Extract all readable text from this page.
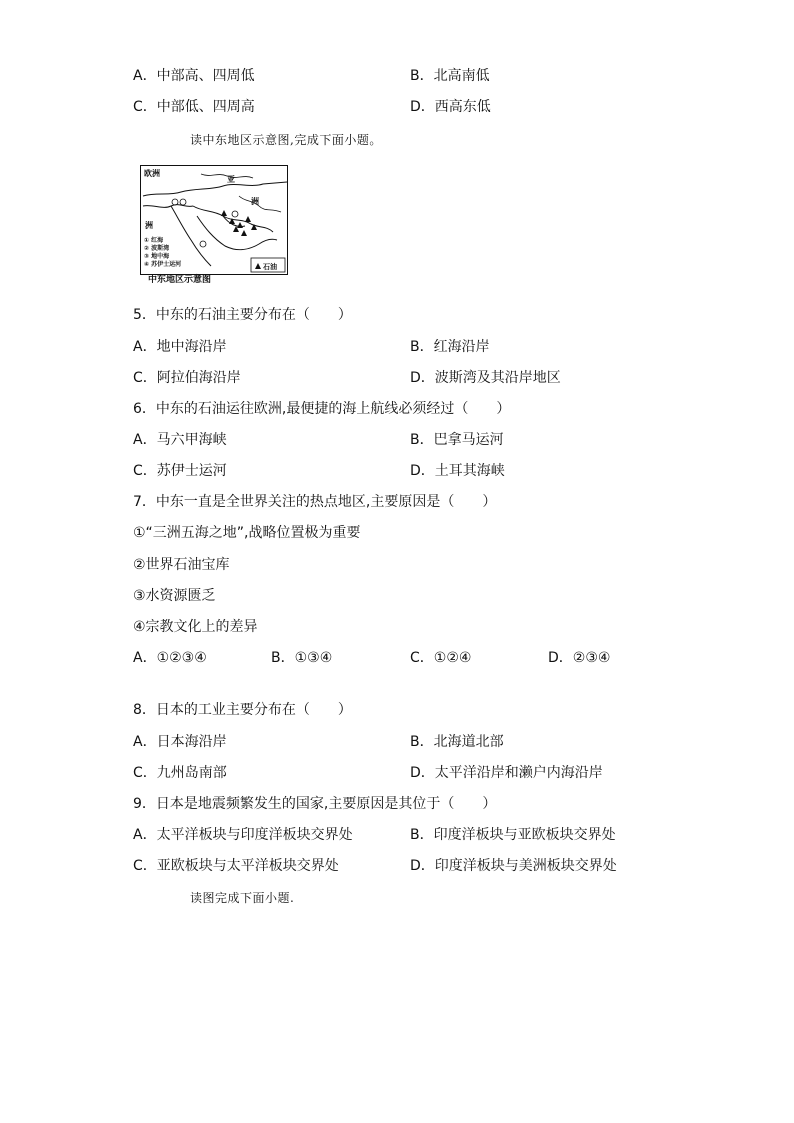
A．中部高、四周低	B．北高南低
C．中部低、四周高	D．西高东低
读中东地区示意图,完成下面小题。
石油
欧洲
亚
洲
洲
① 红海
② 波斯湾
③ 地中海
④ 苏伊士运河
中东地区示意图
5．中东的石油主要分布在（　　）
A．地中海沿岸	B．红海沿岸
C．阿拉伯海沿岸	D．波斯湾及其沿岸地区
6．中东的石油运往欧洲,最便捷的海上航线必须经过（　　）
A．马六甲海峡	B．巴拿马运河
C．苏伊士运河	D．土耳其海峡
7．中东一直是全世界关注的热点地区,主要原因是（　　）
①“三洲五海之地”,战略位置极为重要
②世界石油宝库
③水资源匮乏
④宗教文化上的差异
A．①②③④	B．①③④	C．①②④	D．②③④
8．日本的工业主要分布在（　　）
A．日本海沿岸	B．北海道北部
C．九州岛南部	D．太平洋沿岸和濑户内海沿岸
9．日本是地震频繁发生的国家,主要原因是其位于（　　）
A．太平洋板块与印度洋板块交界处	B．印度洋板块与亚欧板块交界处
C．亚欧板块与太平洋板块交界处	D．印度洋板块与美洲板块交界处
读图完成下面小题.
